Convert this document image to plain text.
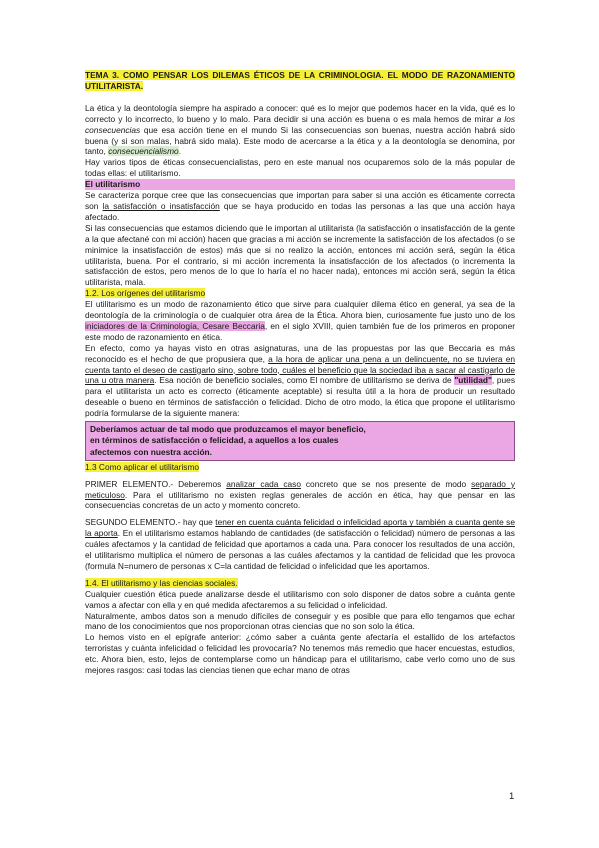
TEMA 3. COMO PENSAR LOS DILEMAS ÉTICOS DE LA CRIMINOLOGIA. EL MODO DE RAZONAMIENTO UTILITARISTA.

La ética y la deontología siempre ha aspirado a conocer: qué es lo mejor que podemos hacer en la vida, qué es lo correcto y lo incorrecto, lo bueno y lo malo. Para decidir si una acción es buena o es mala hemos de mirar a los consecuencias que esa acción tiene en el mundo Si las consecuencias son buenas, nuestra acción habrá sido buena (y si son malas, habrá sido mala). Este modo de acercarse a la ética y a la deontología se denomina, por tanto, consecuencialismo.

Hay varios tipos de éticas consecuencialistas, pero en este manual nos ocuparemos solo de la más popular de todas ellas: el utilitarismo.

El utilitarismo

Se caracteriza porque cree que las consecuencias que importan para saber si una acción es éticamente correcta son la satisfacción o insatisfacción que se haya producido en todas las personas a las que una acción haya afectado.

Si las consecuencias que estamos diciendo que le importan al utilitarista (la satisfacción o insatisfacción de la gente a la que afectané con mi acción) hacen que gracias a mi acción se incremente la satisfacción de los afectados (o se minimice la insatisfacción de estos) más que si no realizo la acción, entonces mi acción será, según la ética utilitarista, buena. Por el contrario, si mi acción incrementa la insatisfacción de los afectados (o incrementa la satisfacción de estos, pero menos de lo que lo haría el no hacer nada), entonces mi acción será, según la ética utilitarista, mala.

1.2. Los orígenes del utilitarismo

El utilitarismo es un modo de razonamiento ético que sirve para cualquier dilema ético en general, ya sea de la deontología de la criminología o de cualquier otra área de la Ética. Ahora bien, curiosamente fue justo uno de los iniciadores de la Criminología, Cesare Beccaria, en el siglo XVIII, quien también fue de los primeros en proponer este modo de razonamiento en ética.

En efecto, como ya hayas visto en otras asignaturas, una de las propuestas por las que Beccaria es más reconocido es el hecho de que propusiera que, a la hora de aplicar una pena a un delincuente, no se tuviera en cuenta tanto el deseo de castigarlo sino, sobre todo, cuáles el beneficio que la sociedad iba a sacar al castigarlo de una u otra manera. Esa noción de beneficio sociales, como El nombre de utilitarismo se deriva de "utilidad", pues para el utilitarista un acto es correcto (éticamente aceptable) si resulta útil a la hora de producir un resultado deseable o bueno en términos de satisfacción o felicidad. Dicho de otro modo, la ética que propone el utilitarismo podría formularse de la siguiente manera:

Deberíamos actuar de tal modo que produzcamos el mayor beneficio,
en términos de satisfacción o felicidad, a aquellos a los cuales
afectemos con nuestra acción.

1.3 Como aplicar el utilitarismo

PRIMER ELEMENTO.- Deberemos analizar cada caso concreto que se nos presente de modo separado y meticuloso. Para el utilitarismo no existen reglas generales de acción en ética, hay que pensar en las consecuencias concretas de un acto y momento concreto.

SEGUNDO ELEMENTO.- hay que tener en cuenta cuánta felicidad o infelicidad aporta y también a cuanta gente se la aporta. En el utilitarismo estamos hablando de cantidades (de satisfacción o felicidad) número de personas a las cuáles afectamos y la cantidad de felicidad que aportamos a cada una. Para conocer los resultados de una acción, el utilitarismo multiplica el número de personas a las cuáles afectamos y la cantidad de felicidad que les provoca (formula N=numero de personas x C=la cantidad de felicidad o infelicidad que les aportamos.

1.4. El utilitarismo y las ciencias sociales.

Cualquier cuestión ética puede analizarse desde el utilitarismo con solo disponer de datos sobre a cuánta gente vamos a afectar con ella y en qué medida afectaremos a su felicidad o infelicidad.

Naturalmente, ambos datos son a menudo difíciles de conseguir y es posible que para ello tengamos que echar mano de los conocimientos que nos proporcionan otras ciencias que no son solo la ética.

Lo hemos visto en el epígrafe anterior: ¿cómo saber a cuánta gente afectaría el estallido de los artefactos terroristas y cuánta infelicidad o felicidad les provocaría? No tenemos más remedio que hacer encuestas, estudios, etc. Ahora bien, esto, lejos de contemplarse como un hándicap para el utilitarismo, cabe verlo como uno de sus mejores rasgos: casi todas las ciencias tienen que echar mano de otras

1
